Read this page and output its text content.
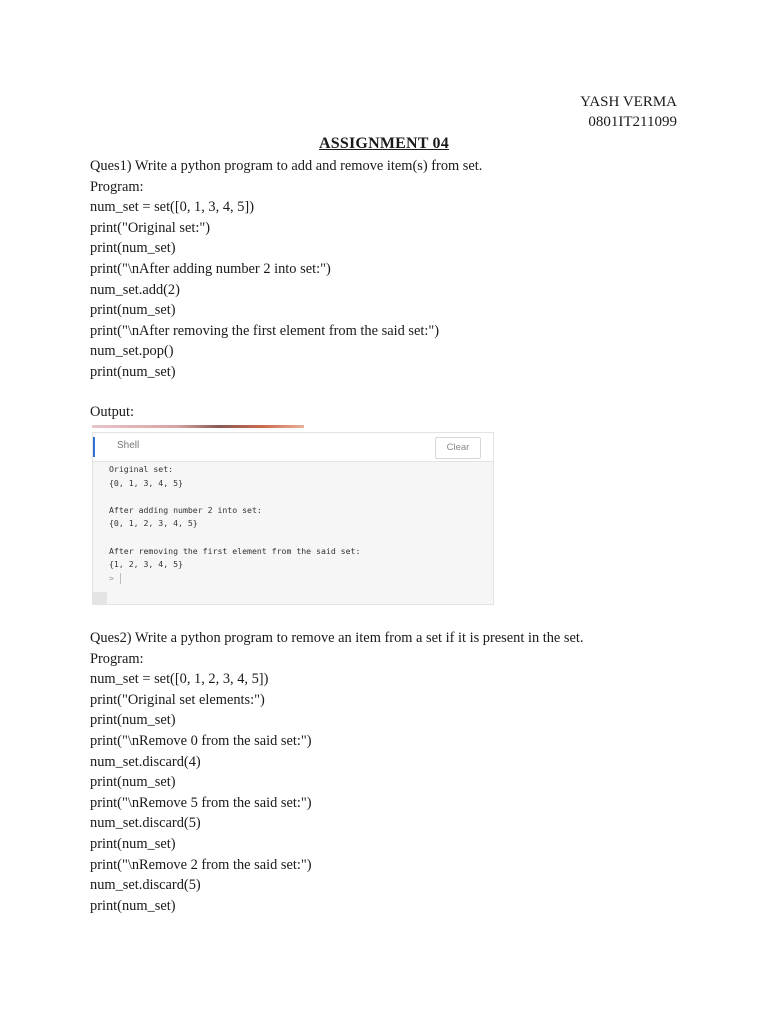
YASH VERMA
0801IT211099
ASSIGNMENT 04
Ques1) Write a python program to add and remove item(s) from set.
Program:
num_set = set([0, 1, 3, 4, 5])
print("Original set:")
print(num_set)
print("\nAfter adding number 2 into set:")
num_set.add(2)
print(num_set)
print("\nAfter removing the first element from the said set:")
num_set.pop()
print(num_set)
Output:
Shell	Clear
Original set:
{0, 1, 3, 4, 5}

After adding number 2 into set:
{0, 1, 2, 3, 4, 5}

After removing the first element from the said set:
{1, 2, 3, 4, 5}
>
Ques2) Write a python program to remove an item from a set if it is present in the set.
Program:
num_set = set([0, 1, 2, 3, 4, 5])
print("Original set elements:")
print(num_set)
print("\nRemove 0 from the said set:")
num_set.discard(4)
print(num_set)
print("\nRemove 5 from the said set:")
num_set.discard(5)
print(num_set)
print("\nRemove 2 from the said set:")
num_set.discard(5)
print(num_set)
